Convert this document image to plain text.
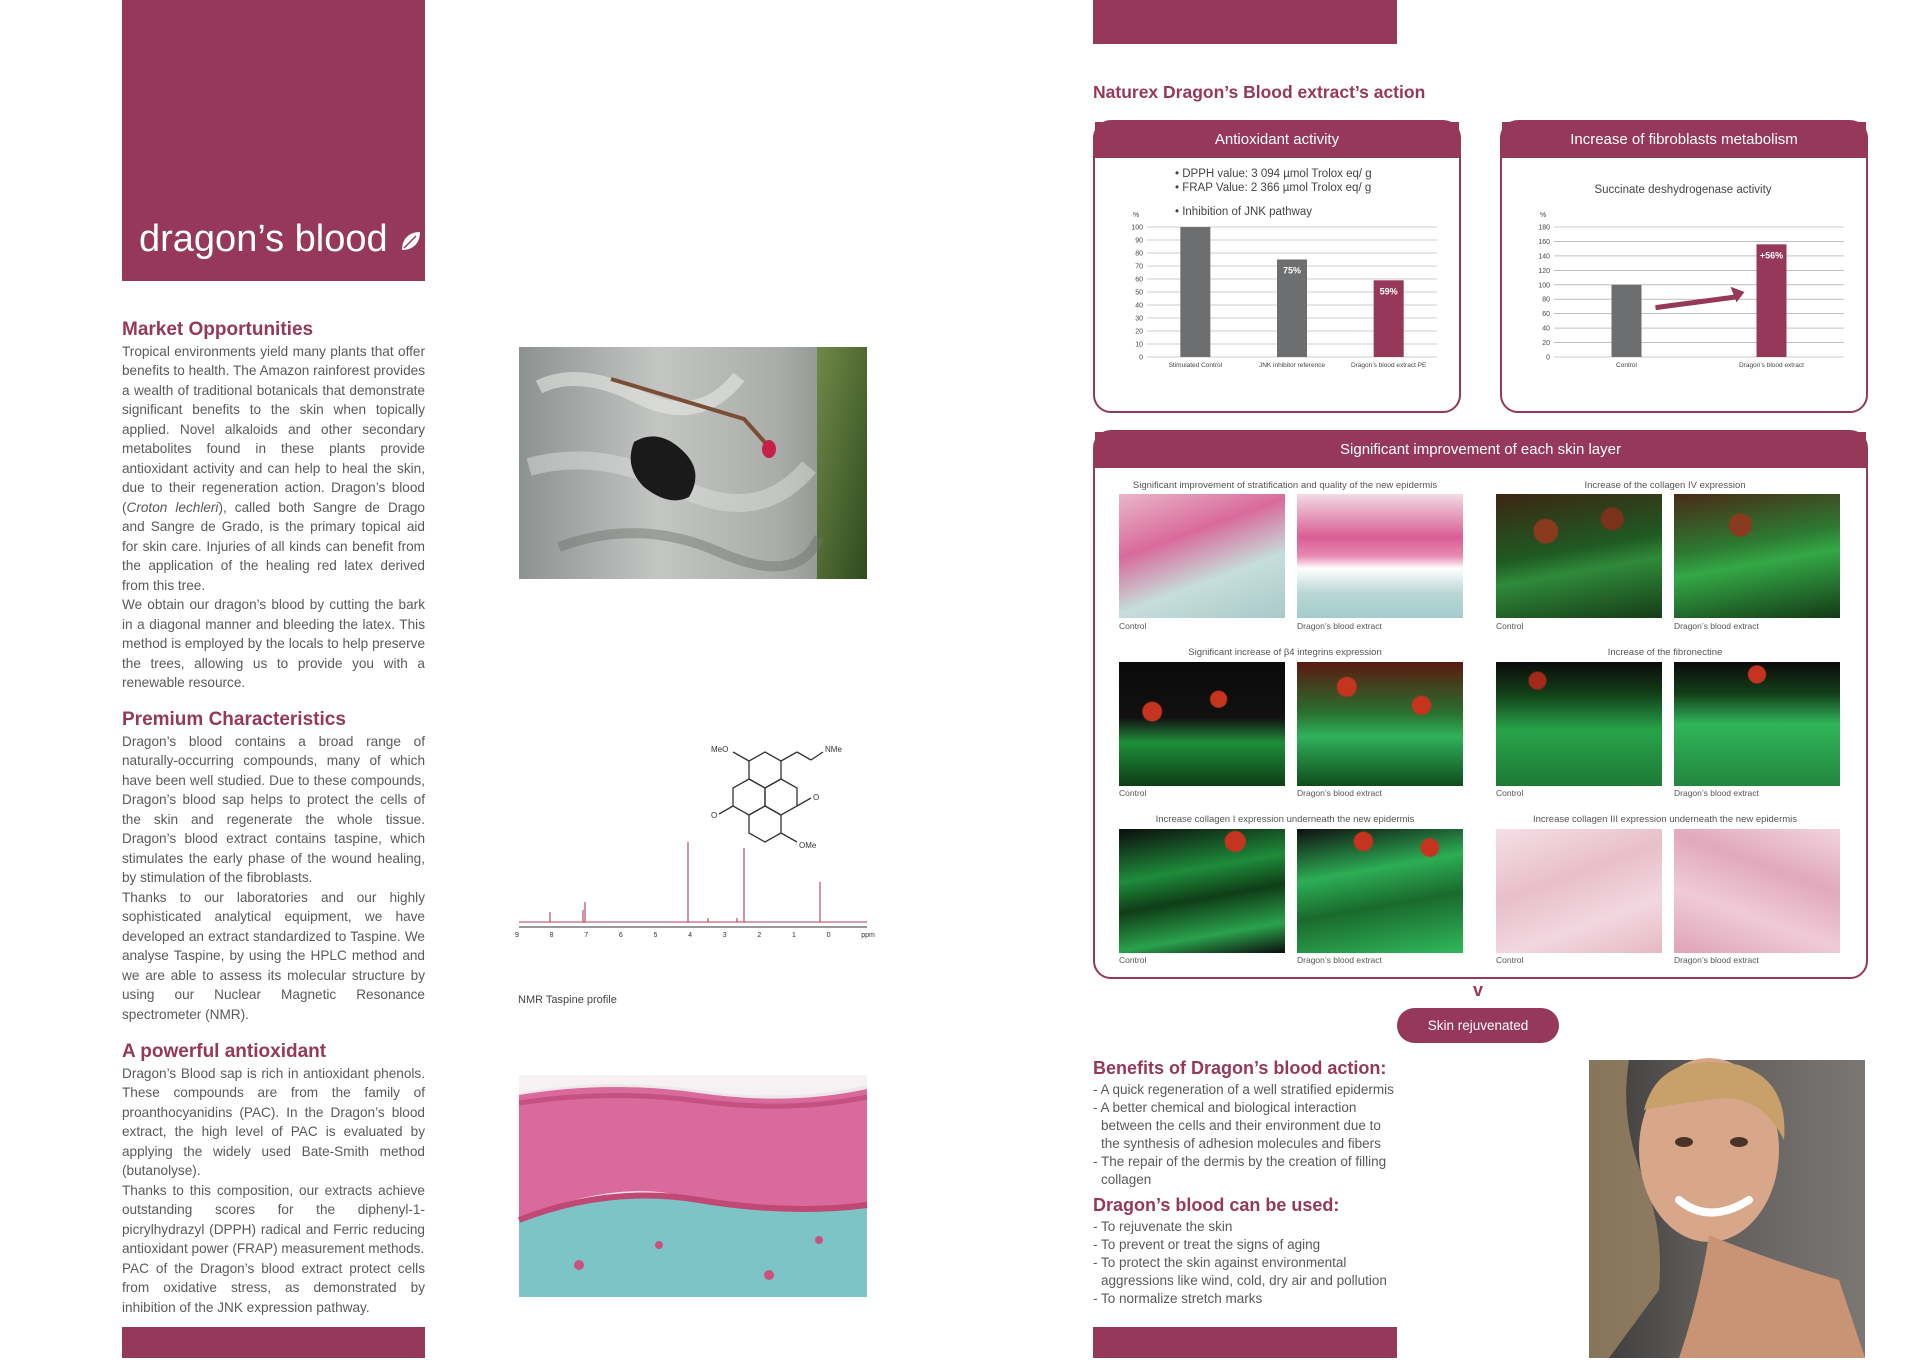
dragon’s blood
Market Opportunities

Tropical environments yield many plants that offer benefits to health. The Amazon rainforest provides a wealth of traditional botanicals that demonstrate significant benefits to the skin when topically applied. Novel alkaloids and other secondary metabolites found in these plants provide antioxidant activity and can help to heal the skin, due to their regeneration action. Dragon’s blood (Croton lechleri), called both Sangre de Drago and Sangre de Grado, is the primary topical aid for skin care. Injuries of all kinds can benefit from the application of the healing red latex derived from this tree.

We obtain our dragon’s blood by cutting the bark in a diagonal manner and bleeding the latex. This method is employed by the locals to help preserve the trees, allowing us to provide you with a renewable resource.

Premium Characteristics

Dragon’s blood contains a broad range of naturally-occurring compounds, many of which have been well studied. Due to these compounds, Dragon’s blood sap helps to protect the cells of the skin and regenerate the whole tissue. Dragon’s blood extract contains taspine, which stimulates the early phase of the wound healing, by stimulation of the fibroblasts.

Thanks to our laboratories and our highly sophisticated analytical equipment, we have developed an extract standardized to Taspine. We analyse Taspine, by using the HPLC method and we are able to assess its molecular structure by using our Nuclear Magnetic Resonance spectrometer (NMR).

A powerful antioxidant

Dragon’s Blood sap is rich in antioxidant phenols. These compounds are from the family of proanthocyanidins (PAC). In the Dragon’s blood extract, the high level of PAC is evaluated by applying the widely used Bate-Smith method (butanolyse).

Thanks to this composition, our extracts achieve outstanding scores for the diphenyl-1-picrylhydrazyl (DPPH) radical and Ferric reducing antioxidant power (FRAP) measurement methods.

PAC of the Dragon’s blood extract protect cells from oxidative stress, as demonstrated by inhibition of the JNK expression pathway.

MeO	NMe
OMe
O
O
9	8	7	6	5	4	3	2	1	0	ppm
NMR Taspine profile
Naturex Dragon’s Blood extract’s action
Antioxidant activity
• DPPH value: 3 094 µmol Trolox eq/ g
• FRAP Value: 2 366 µmol Trolox eq/ g
• Inhibition of JNK pathway
%
0
10
20
30
40
50
60
70
80
90
100
Stimulated Control
75%
JNK inhibitor reference
59%
Dragon’s blood extract PE
Increase of fibroblasts metabolism
Succinate deshydrogenase activity
%
0
20
40
60
80
100
120
140
160
180
Control
+56%
Dragon’s blood extract
Significant improvement of each skin layer
Significant improvement of stratification and quality of the new epidermis
Control	Dragon’s blood extract
Increase of the collagen IV expression
Control	Dragon’s blood extract
Significant increase of β4 integrins expression
Control	Dragon’s blood extract
Increase of the fibronectine
Control	Dragon’s blood extract
Increase collagen I expression underneath the new epidermis
Control	Dragon’s blood extract
Increase collagen III expression underneath the new epidermis
Control	Dragon’s blood extract
v
Skin rejuvenated
Benefits of Dragon’s blood action:
- A quick regeneration of a well stratified epidermis
- A better chemical and biological interaction between the cells and their environment due to the synthesis of adhesion molecules and fibers
- The repair of the dermis by the creation of filling collagen
Dragon’s blood can be used:
- To rejuvenate the skin
- To prevent or treat the signs of aging
- To protect the skin against environmental aggressions like wind, cold, dry air and pollution
- To normalize stretch marks
